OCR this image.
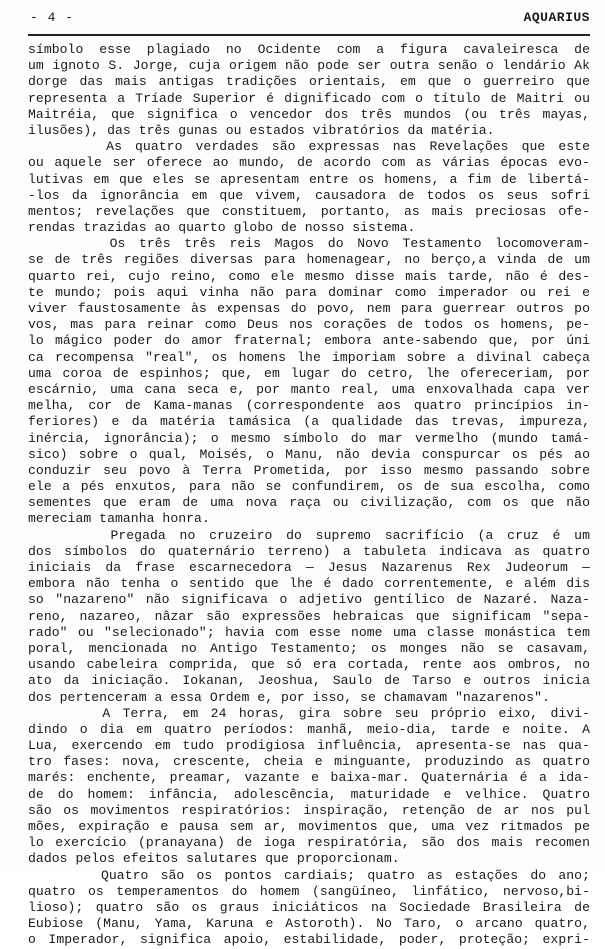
- 4 -	AQUARIUS
símbolo esse plagiado no Ocidente com a figura cavaleiresca de
um ignoto S. Jorge, cuja origem não pode ser outra senão o lendário Ak
dorge das mais antigas tradições orientais, em que o guerreiro que
representa a Tríade Superior é dignificado com o título de Maitri ou
Maitréia, que significa o vencedor dos três mundos (ou três mayas,
ilusões), das três gunas ou estados vibratórios da matéria.
As quatro verdades são expressas nas Revelações que este
ou aquele ser oferece ao mundo, de acordo com as várias épocas evo-
lutivas em que eles se apresentam entre os homens, a fim de libertá-
-los da ignorância em que vivem, causadora de todos os seus sofri
mentos; revelações que constituem, portanto, as mais preciosas ofe-
rendas trazidas ao quarto globo de nosso sistema.
Os três três reis Magos do Novo Testamento locomoveram-
se de três regiões diversas para homenagear, no berço,a vinda de um
quarto rei, cujo reino, como ele mesmo disse mais tarde, não é des-
te mundo; pois aqui vinha não para dominar como imperador ou rei e
viver faustosamente às expensas do povo, nem para guerrear outros po
vos, mas para reinar como Deus nos corações de todos os homens, pe-
lo mágico poder do amor fraternal; embora ante-sabendo que, por úni
ca recompensa "real", os homens lhe imporiam sobre a divinal cabeça
uma coroa de espinhos; que, em lugar do cetro, lhe ofereceriam, por
escárnio, uma cana seca e, por manto real, uma enxovalhada capa ver
melha, cor de Kama-manas (correspondente aos quatro princípios in-
feriores) e da matéria tamásica (a qualidade das trevas, impureza,
inércia, ignorância); o mesmo símbolo do mar vermelho (mundo tamá-
sico) sobre o qual, Moisés, o Manu, não devia conspurcar os pés ao
conduzir seu povo à Terra Prometida, por isso mesmo passando sobre
ele a pés enxutos, para não se confundirem, os de sua escolha, como
sementes que eram de uma nova raça ou civilização, com os que não
mereciam tamanha honra.
Pregada no cruzeiro do supremo sacrifício (a cruz é um
dos símbolos do quaternário terreno) a tabuleta indicava as quatro
iniciais da frase escarnecedora — Jesus Nazarenus Rex Judeorum —
embora não tenha o sentido que lhe é dado correntemente, e além dis
so "nazareno" não significava o adjetivo gentílico de Nazaré. Naza-
reno, nazareo, nâzar são expressões hebraicas que significam "sepa-
rado" ou "selecionado"; havia com esse nome uma classe monástica tem
poral, mencionada no Antigo Testamento; os monges não se casavam,
usando cabeleira comprida, que só era cortada, rente aos ombros, no
ato da iniciação. Iokanan, Jeoshua, Saulo de Tarso e outros inicia
dos pertenceram a essa Ordem e, por isso, se chamavam "nazarenos".
A Terra, em 24 horas, gira sobre seu próprio eixo, divi-
dindo o dia em quatro períodos: manhã, meio-dia, tarde e noite. A
Lua, exercendo em tudo prodigiosa influência, apresenta-se nas qua-
tro fases: nova, crescente, cheia e minguante, produzindo as quatro
marés: enchente, preamar, vazante e baixa-mar. Quaternária é a ida-
de do homem: infância, adolescência, maturidade e velhice. Quatro
são os movimentos respiratórios: inspiração, retenção de ar nos pul
mões, expiração e pausa sem ar, movimentos que, uma vez ritmados pe
lo exercício (pranayana) de ioga respiratória, são dos mais recomen
dados pelos efeitos salutares que proporcionam.
Quatro são os pontos cardiais; quatro as estações do ano;
quatro os temperamentos do homem (sangüíneo, linfático, nervoso,bi-
lioso); quatro são os graus iniciáticos na Sociedade Brasileira de
Eubiose (Manu, Yama, Karuna e Astoroth). No Taro, o arcano quatro,
o Imperador, significa apoio, estabilidade, poder, proteção; expri-
